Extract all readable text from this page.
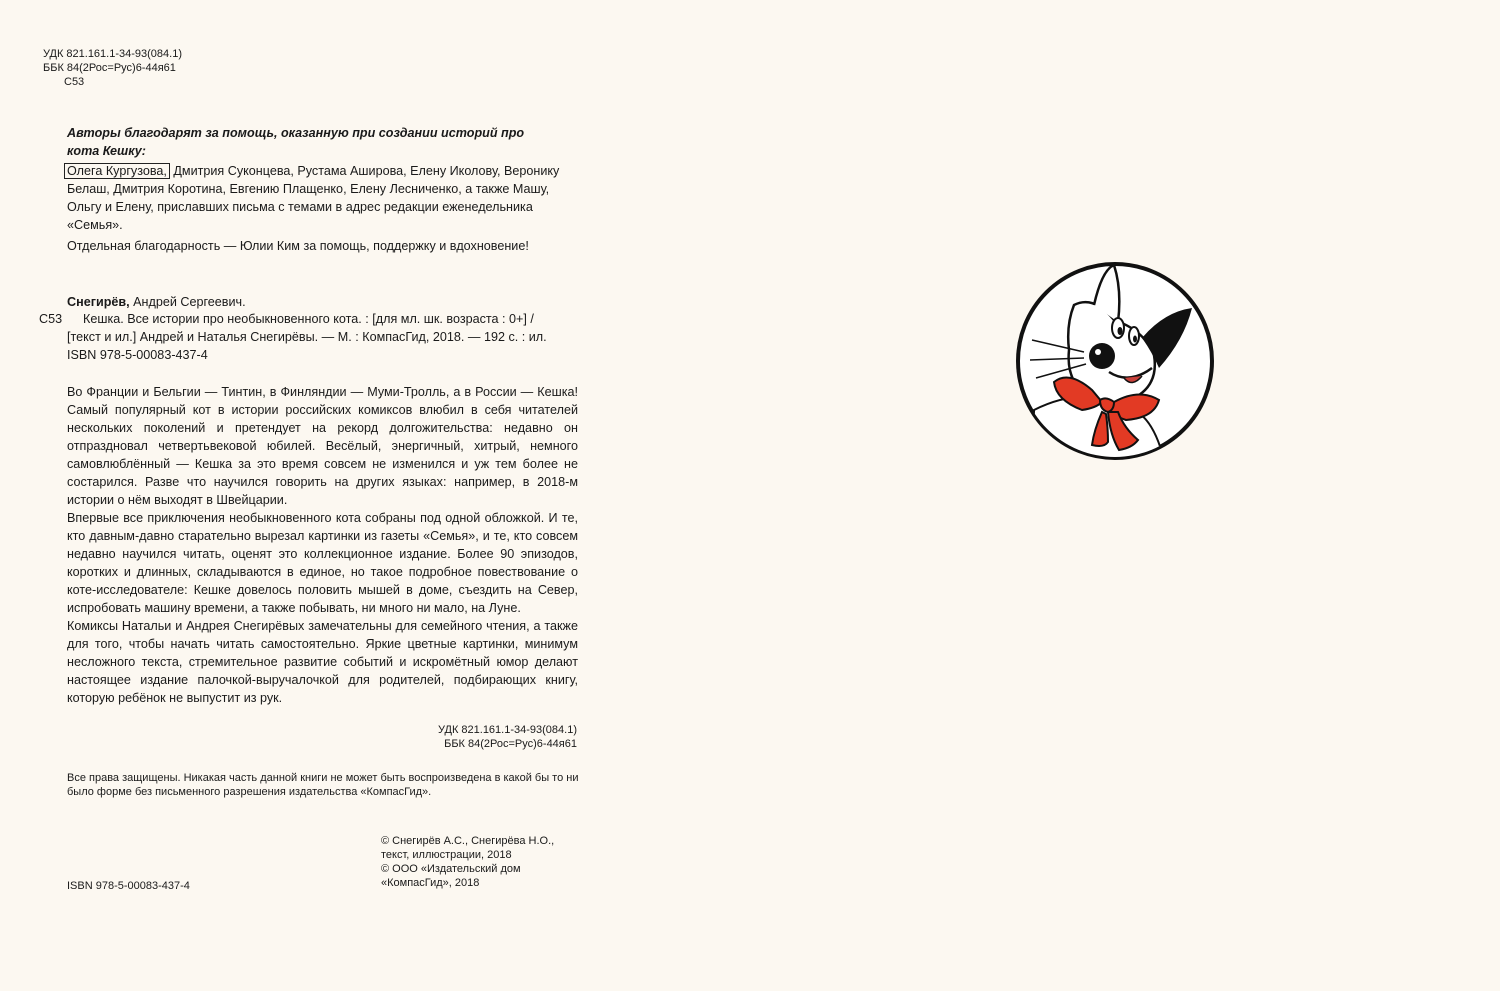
УДК 821.161.1-34-93(084.1)
ББК 84(2Рос=Рус)6-44я61
С53
Авторы благодарят за помощь, оказанную при создании историй про кота Кешку:
Олега Кургузова, Дмитрия Суконцева, Рустама Аширова, Елену Иколову, Веронику Белаш, Дмитрия Коротина, Евгению Плащенко, Елену Лесниченко, а также Машу, Ольгу и Елену, приславших письма с темами в адрес редакции еженедельника «Семья».
Отдельная благодарность — Юлии Ким за помощь, поддержку и вдохновение!
Снегирёв, Андрей Сергеевич.
С53	Кешка. Все истории про необыкновенного кота. : [для мл. шк. возраста : 0+] /
[текст и ил.] Андрей и Наталья Снегирёвы. — М. : КомпасГид, 2018. — 192 с. : ил.
ISBN 978-5-00083-437-4

Во Франции и Бельгии — Тинтин, в Финляндии — Муми-Тролль, а в России — Кешка! Самый популярный кот в истории российских комиксов влюбил в себя читателей нескольких поколений и претендует на рекорд долгожительства: недавно он отпраздновал четвертьвековой юбилей. Весёлый, энергичный, хитрый, немного самовлюблённый — Кешка за это время совсем не изменился и уж тем более не состарился. Разве что научился говорить на других языках: например, в 2018-м истории о нём выходят в Швейцарии.

Впервые все приключения необыкновенного кота собраны под одной обложкой. И те, кто давным-давно старательно вырезал картинки из газеты «Семья», и те, кто совсем недавно научился читать, оценят это коллекционное издание. Более 90 эпизодов, коротких и длинных, складываются в единое, но такое подробное повествование о коте-исследователе: Кешке довелось половить мышей в доме, съездить на Север, испробовать машину времени, а также побывать, ни много ни мало, на Луне.

Комиксы Натальи и Андрея Снегирёвых замечательны для семейного чтения, а также для того, чтобы начать читать самостоятельно. Яркие цветные картинки, минимум несложного текста, стремительное развитие событий и искромётный юмор делают настоящее издание палочкой-выручалочкой для родителей, подбирающих книгу, которую ребёнок не выпустит из рук.

УДК 821.161.1-34-93(084.1)
ББК 84(2Рос=Рус)6-44я61
Все права защищены. Никакая часть данной книги не может быть воспроизведена в какой бы то ни было форме без письменного разрешения издательства «КомпасГид».
© Снегирёв А.С., Снегирёва Н.О.,
текст, иллюстрации, 2018
© ООО «Издательский дом
«КомпасГид», 2018
ISBN 978-5-00083-437-4
